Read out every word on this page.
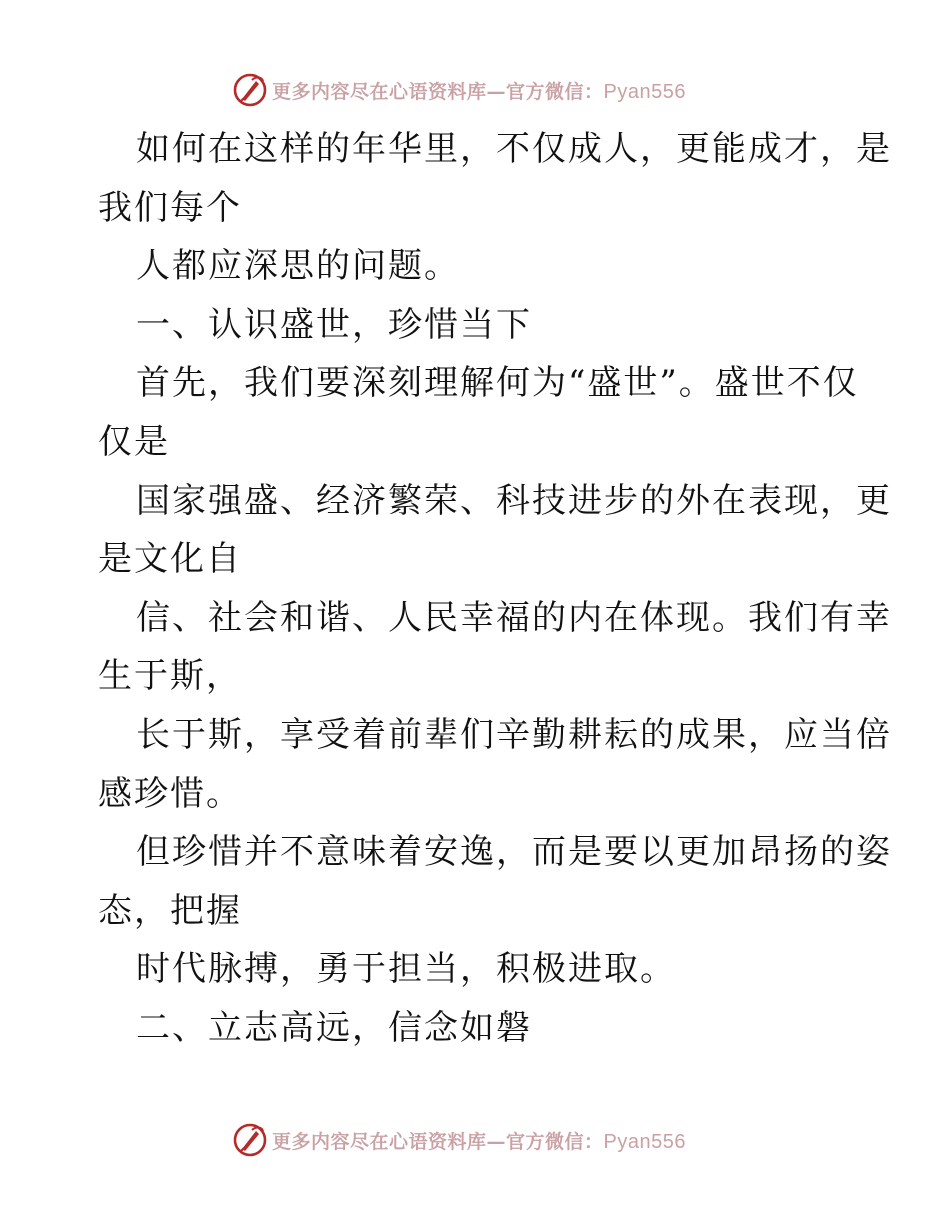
更多内容尽在心语资料库—官方微信：Pyan556
如何在这样的年华里，不仅成人，更能成才，是
我们每个
人都应深思的问题。
一、认识盛世，珍惜当下
首先，我们要深刻理解何为“盛世”。盛世不仅
仅是
国家强盛、经济繁荣、科技进步的外在表现，更
是文化自
信、社会和谐、人民幸福的内在体现。我们有幸
生于斯，
长于斯，享受着前辈们辛勤耕耘的成果，应当倍
感珍惜。
但珍惜并不意味着安逸，而是要以更加昂扬的姿
态，把握
时代脉搏，勇于担当，积极进取。
二、立志高远，信念如磐
更多内容尽在心语资料库—官方微信：Pyan556
